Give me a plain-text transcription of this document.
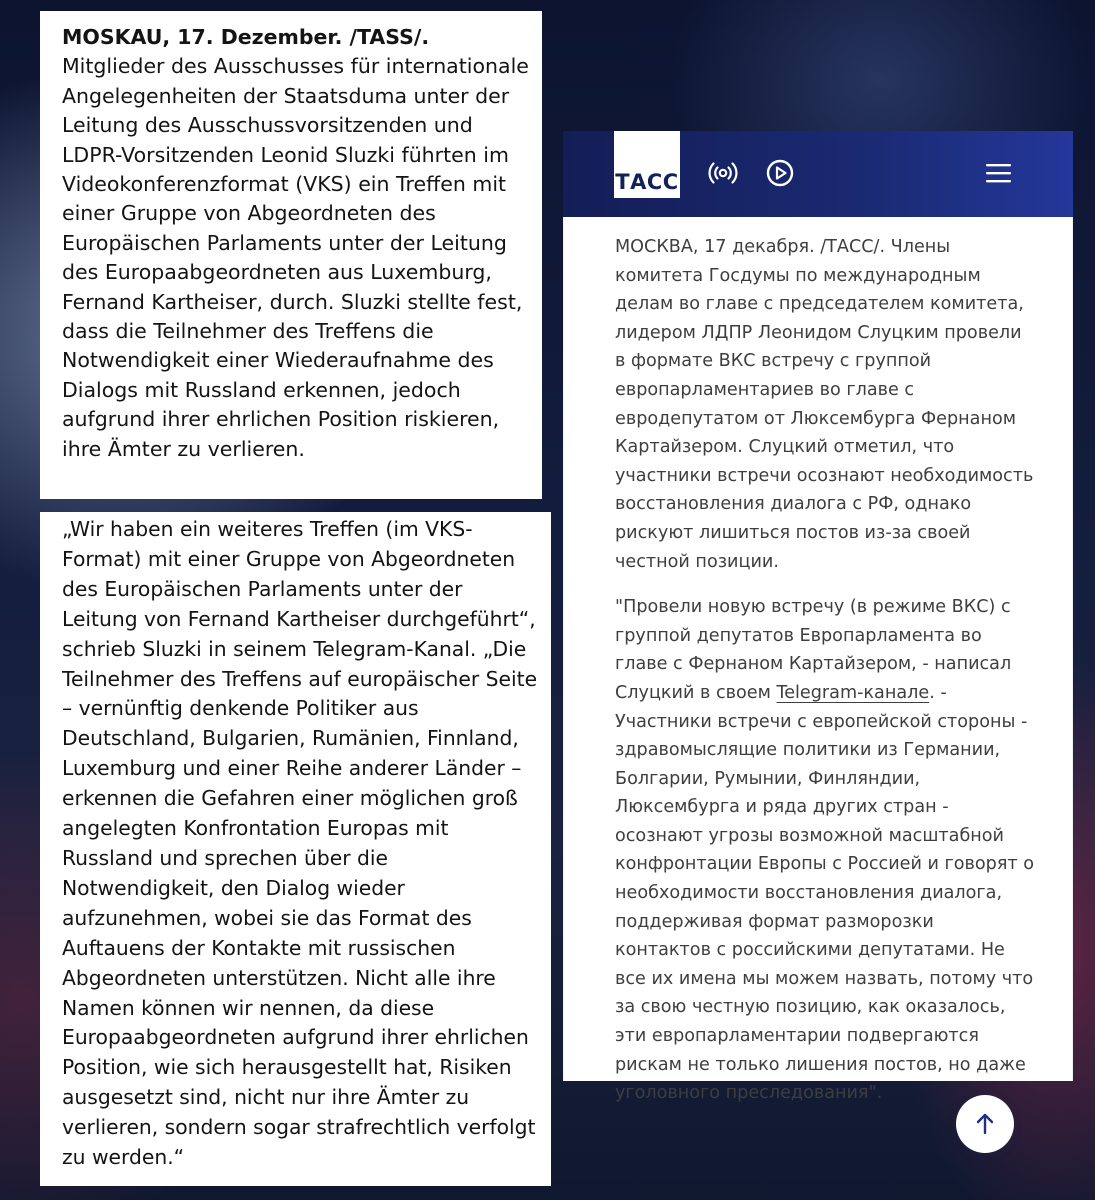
MOSKAU, 17. Dezember. /TASS/.
Mitglieder des Ausschusses für internationale Angelegenheiten der Staatsduma unter der Leitung des Ausschussvorsitzenden und LDPR-Vorsitzenden Leonid Sluzki führten im Videokonferenzformat (VKS) ein Treffen mit einer Gruppe von Abgeordneten des Europäischen Parlaments unter der Leitung des Europaabgeordneten aus Luxemburg, Fernand Kartheiser, durch. Sluzki stellte fest, dass die Teilnehmer des Treffens die Notwendigkeit einer Wiederaufnahme des Dialogs mit Russland erkennen, jedoch aufgrund ihrer ehrlichen Position riskieren, ihre Ämter zu verlieren.

„Wir haben ein weiteres Treffen (im VKS-Format) mit einer Gruppe von Abgeordneten des Europäischen Parlaments unter der Leitung von Fernand Kartheiser durchgeführt“, schrieb Sluzki in seinem Telegram-Kanal. „Die Teilnehmer des Treffens auf europäischer Seite – vernünftig denkende Politiker aus Deutschland, Bulgarien, Rumänien, Finnland, Luxemburg und einer Reihe anderer Länder – erkennen die Gefahren einer möglichen groß angelegten Konfrontation Europas mit Russland und sprechen über die Notwendigkeit, den Dialog wieder aufzunehmen, wobei sie das Format des Auftauens der Kontakte mit russischen Abgeordneten unterstützen. Nicht alle ihre Namen können wir nennen, da diese Europaabgeordneten aufgrund ihrer ehrlichen Position, wie sich herausgestellt hat, Risiken ausgesetzt sind, nicht nur ihre Ämter zu verlieren, sondern sogar strafrechtlich verfolgt zu werden.“

ТАСС

МОСКВА, 17 декабря. /ТАСС/. Члены комитета Госдумы по международным делам во главе с председателем комитета, лидером ЛДПР Леонидом Слуцким провели в формате ВКС встречу с группой европарламентариев во главе с евродепутатом от Люксембурга Фернаном Картайзером. Слуцкий отметил, что участники встречи осознают необходимость восстановления диалога с РФ, однако рискуют лишиться постов из-за своей честной позиции.

"Провели новую встречу (в режиме ВКС) с группой депутатов Европарламента во главе с Фернаном Картайзером, - написал Слуцкий в своем Telegram-канале. - Участники встречи с европейской стороны - здравомыслящие политики из Германии, Болгарии, Румынии, Финляндии, Люксембурга и ряда других стран - осознают угрозы возможной масштабной конфронтации Европы с Россией и говорят о необходимости восстановления диалога, поддерживая формат разморозки контактов с российскими депутатами. Не все их имена мы можем назвать, потому что за свою честную позицию, как оказалось, эти европарламентарии подвергаются рискам не только лишения постов, но даже уголовного преследования".
